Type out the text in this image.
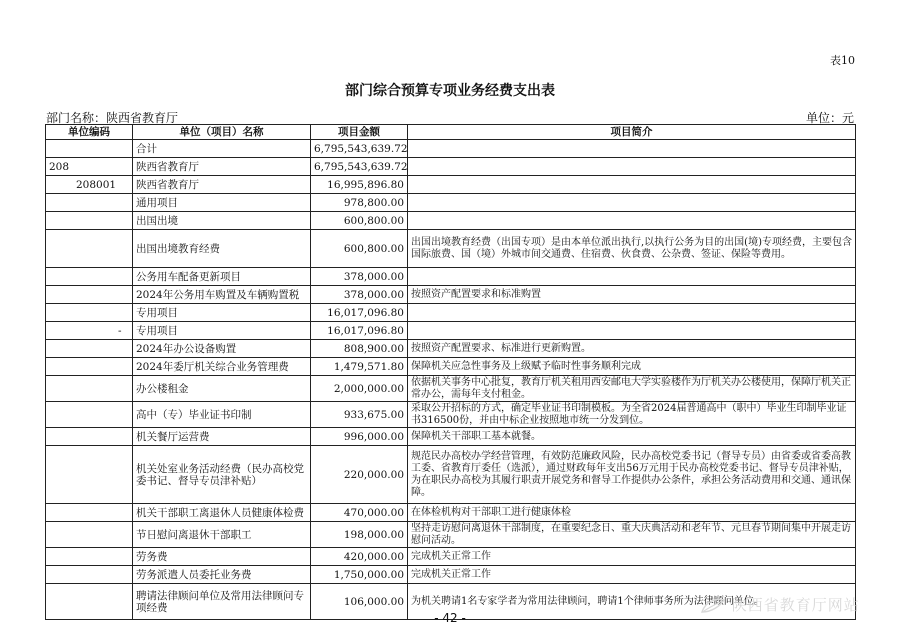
表10
部门综合预算专项业务经费支出表
部门名称：陕西省教育厅	单位：元
单位编码	单位（项目）名称	项目金额	项目简介
	合计	6,795,543,639.72	
208	陕西省教育厅	6,795,543,639.72	
208001	陕西省教育厅	16,995,896.80	
	通用项目	978,800.00	
	出国出境	600,800.00	
	出国出境教育经费	600,800.00	出国出境教育经费（出国专项）是由本单位派出执行,以执行公务为目的出国(境)专项经费，主要包含国际旅费、国（境）外城市间交通费、住宿费、伙食费、公杂费、签证、保险等费用。
	公务用车配备更新项目	378,000.00	
	2024年公务用车购置及车辆购置税	378,000.00	按照资产配置要求和标准购置
	专用项目	16,017,096.80	
-	专用项目	16,017,096.80	
	2024年办公设备购置	808,900.00	按照资产配置要求、标准进行更新购置。
	2024年委厅机关综合业务管理费	1,479,571.80	保障机关应急性事务及上级赋予临时性事务顺利完成
	办公楼租金	2,000,000.00	依据机关事务中心批复，教育厅机关租用西安邮电大学实验楼作为厅机关办公楼使用，保障厅机关正常办公，需每年支付租金。
	高中（专）毕业证书印制	933,675.00	采取公开招标的方式，确定毕业证书印制模板。为全省2024届普通高中（职中）毕业生印制毕业证书316500份，并由中标企业按照地市统一分发到位。
	机关餐厅运营费	996,000.00	保障机关干部职工基本就餐。
	机关处室业务活动经费（民办高校党委书记、督导专员津补贴）	220,000.00	规范民办高校办学经营管理，有效防范廉政风险，民办高校党委书记（督导专员）由省委或省委高教工委、省教育厅委任（选派），通过财政每年支出56万元用于民办高校党委书记、督导专员津补贴，为在职民办高校为其履行职责开展党务和督导工作提供办公条件，承担公务活动费用和交通、通讯保障。
	机关干部职工离退休人员健康体检费	470,000.00	在体检机构对干部职工进行健康体检
	节日慰问离退休干部职工	198,000.00	坚持走访慰问离退休干部制度，在重要纪念日、重大庆典活动和老年节、元旦春节期间集中开展走访慰问活动。
	劳务费	420,000.00	完成机关正常工作
	劳务派遣人员委托业务费	1,750,000.00	完成机关正常工作
	聘请法律顾问单位及常用法律顾问专项经费	106,000.00	为机关聘请1名专家学者为常用法律顾问，聘请1个律师事务所为法律顾问单位。
陕西省教育厅网站
- 42 -
